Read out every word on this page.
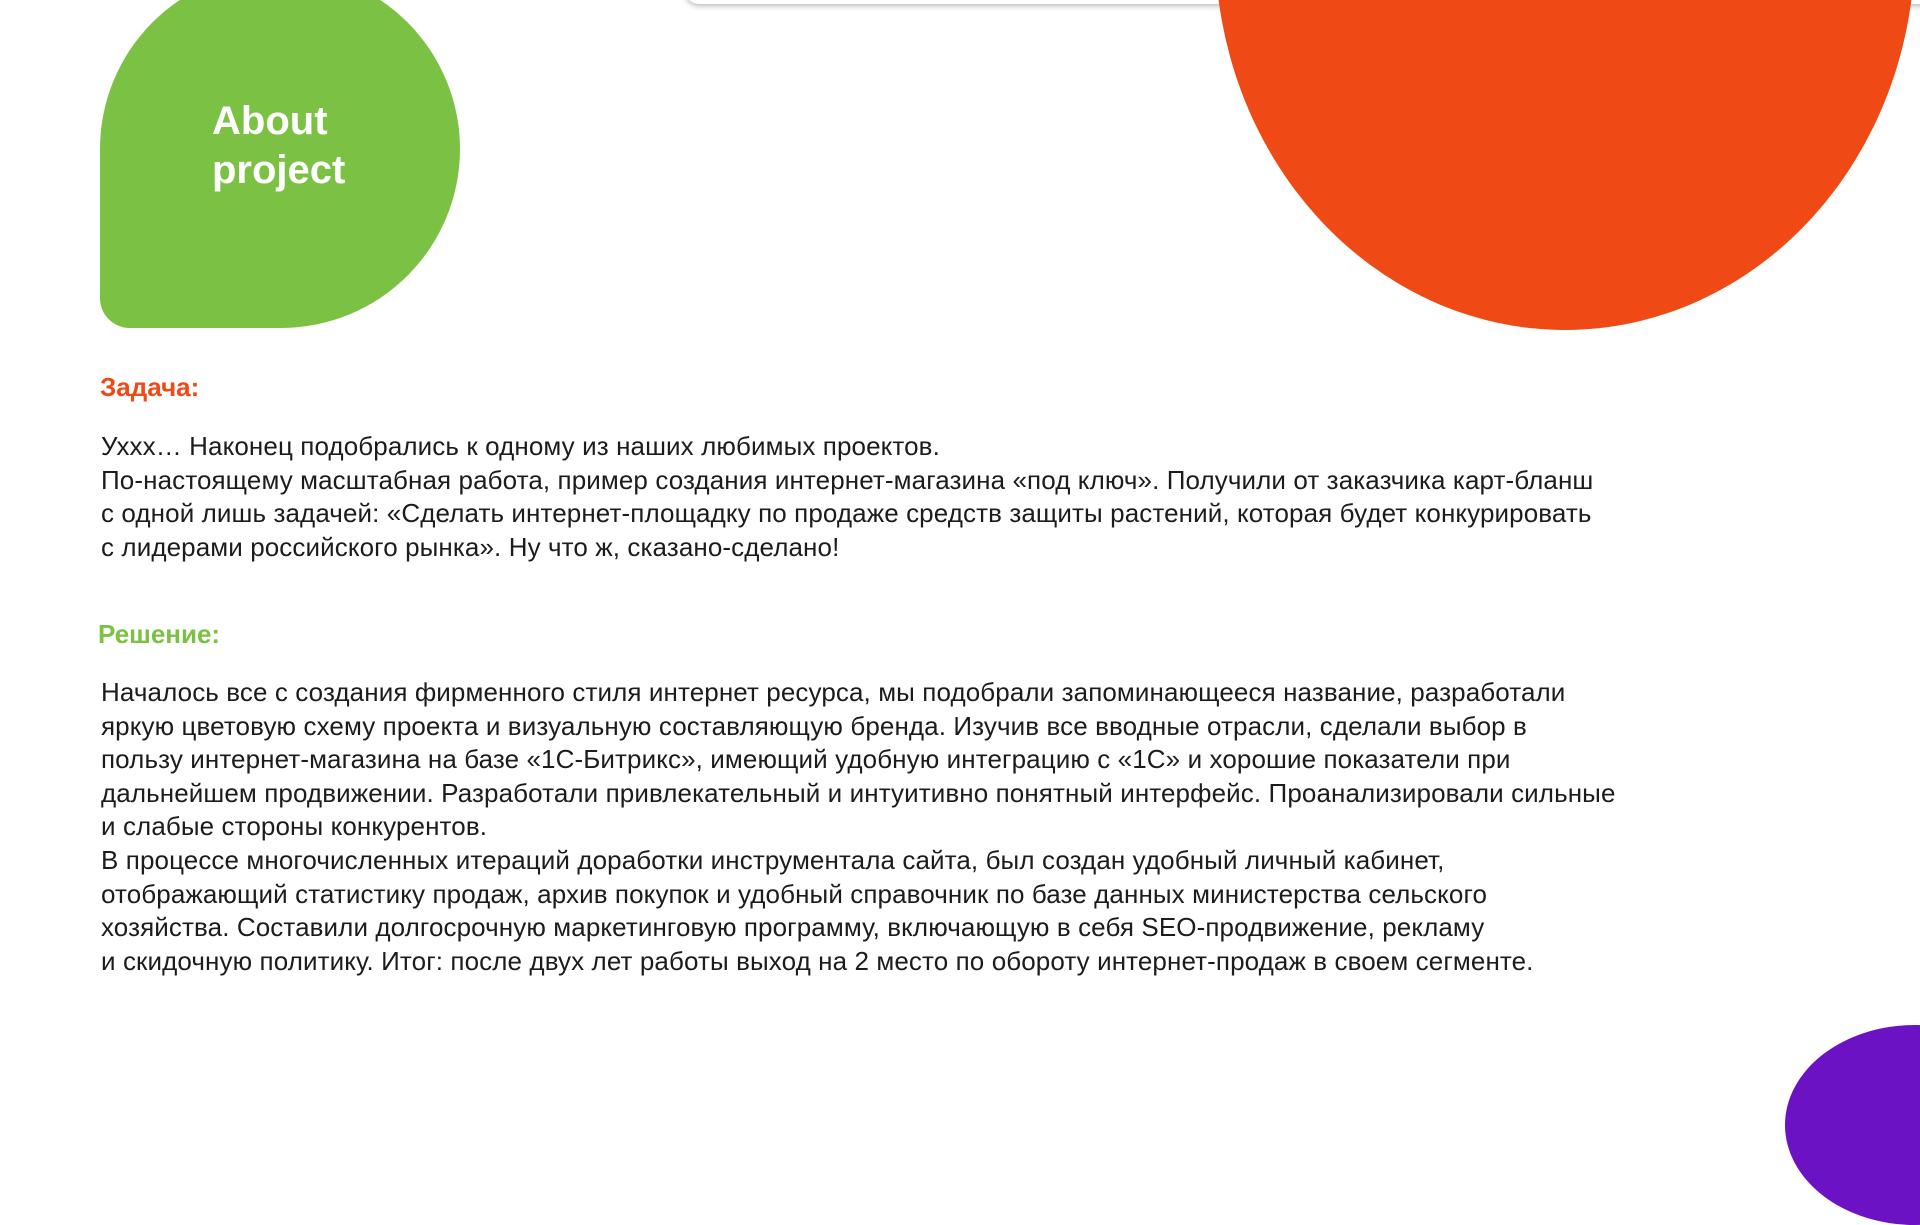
About
project
Задача:

Уххх… Наконец подобрались к одному из наших любимых проектов.
По-настоящему масштабная работа, пример создания интернет-магазина «под ключ». Получили от заказчика карт-бланш
с одной лишь задачей: «Сделать интернет-площадку по продаже средств защиты растений, которая будет конкурировать
с лидерами российского рынка». Ну что ж, сказано-сделано!

Решение:

Началось все с создания фирменного стиля интернет ресурса, мы подобрали запоминающееся название, разработали
яркую цветовую схему проекта и визуальную составляющую бренда. Изучив все вводные отрасли, сделали выбор в
пользу интернет-магазина на базе «1С-Битрикс», имеющий удобную интеграцию с «1С» и хорошие показатели при
дальнейшем продвижении. Разработали привлекательный и интуитивно понятный интерфейс. Проанализировали сильные
и слабые стороны конкурентов.
В процессе многочисленных итераций доработки инструментала сайта, был создан удобный личный кабинет,
отображающий статистику продаж, архив покупок и удобный справочник по базе данных министерства сельского
хозяйства. Составили долгосрочную маркетинговую программу, включающую в себя SEO-продвижение, рекламу
и скидочную политику. Итог: после двух лет работы выход на 2 место по обороту интернет-продаж в своем сегменте.
